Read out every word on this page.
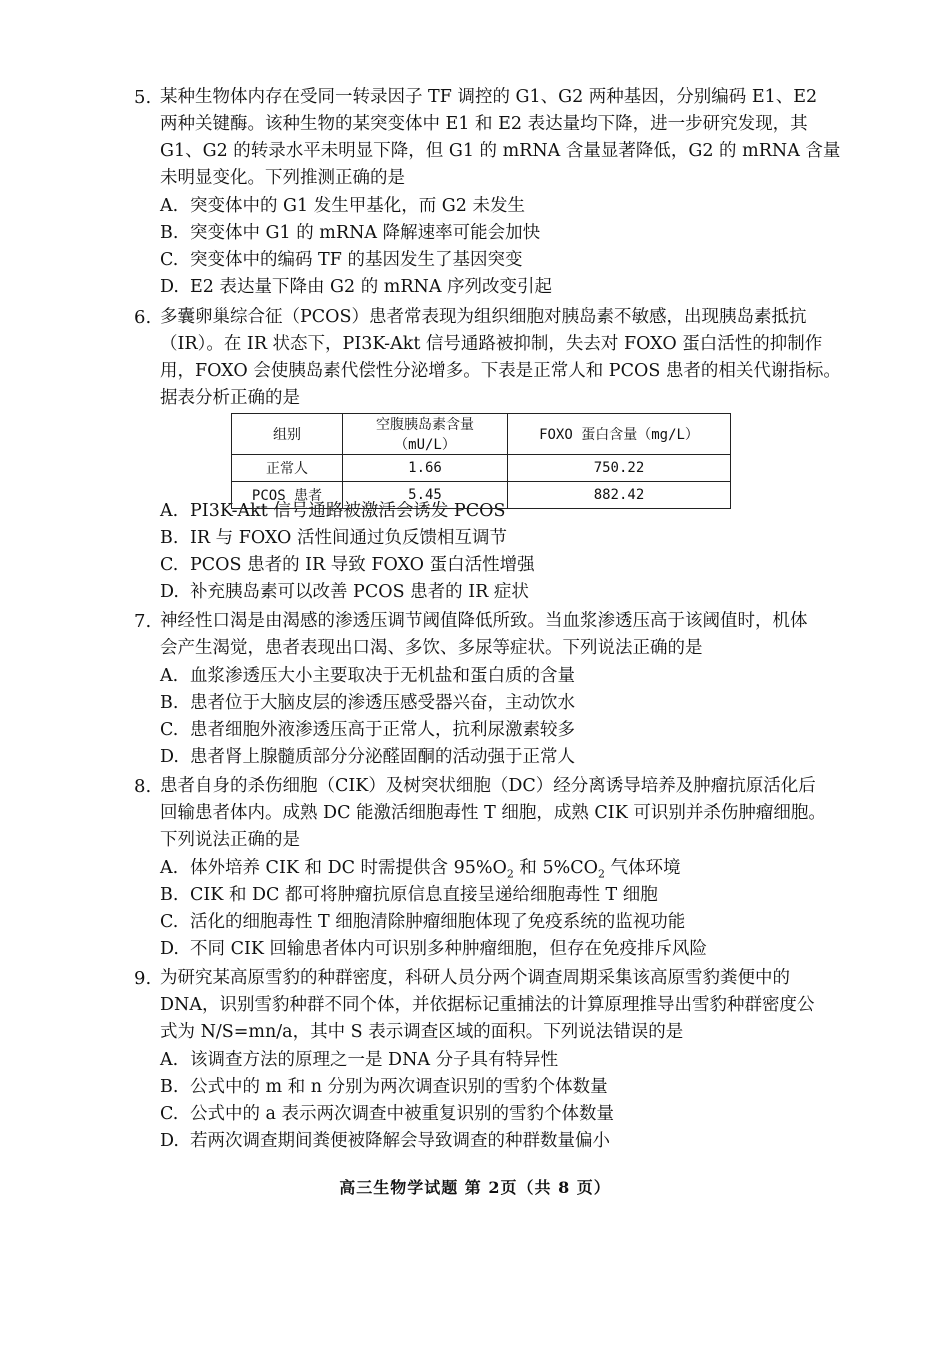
5. 某种生物体内存在受同一转录因子 TF 调控的 G1、G2 两种基因，分别编码 E1、E2
两种关键酶。该种生物的某突变体中 E1 和 E2 表达量均下降，进一步研究发现，其
G1、G2 的转录水平未明显下降，但 G1 的 mRNA 含量显著降低，G2 的 mRNA 含量
未明显变化。下列推测正确的是
A. 突变体中的 G1 发生甲基化，而 G2 未发生
B. 突变体中 G1 的 mRNA 降解速率可能会加快
C. 突变体中的编码 TF 的基因发生了基因突变
D. E2 表达量下降由 G2 的 mRNA 序列改变引起
6. 多囊卵巢综合征（PCOS）患者常表现为组织细胞对胰岛素不敏感，出现胰岛素抵抗
（IR）。在 IR 状态下，PI3K-Akt 信号通路被抑制，失去对 FOXO 蛋白活性的抑制作
用，FOXO 会使胰岛素代偿性分泌增多。下表是正常人和 PCOS 患者的相关代谢指标。
据表分析正确的是
A. PI3K-Akt 信号通路被激活会诱发 PCOS
B. IR 与 FOXO 活性间通过负反馈相互调节
C. PCOS 患者的 IR 导致 FOXO 蛋白活性增强
D. 补充胰岛素可以改善 PCOS 患者的 IR 症状
组别	空腹胰岛素含量（mU/L）	FOXO 蛋白含量（mg/L）
正常人	1.66	750.22
PCOS 患者	5.45	882.42
7. 神经性口渴是由渴感的渗透压调节阈值降低所致。当血浆渗透压高于该阈值时，机体
会产生渴觉，患者表现出口渴、多饮、多尿等症状。下列说法正确的是
A. 血浆渗透压大小主要取决于无机盐和蛋白质的含量
B. 患者位于大脑皮层的渗透压感受器兴奋，主动饮水
C. 患者细胞外液渗透压高于正常人，抗利尿激素较多
D. 患者肾上腺髓质部分分泌醛固酮的活动强于正常人
8. 患者自身的杀伤细胞（CIK）及树突状细胞（DC）经分离诱导培养及肿瘤抗原活化后
回输患者体内。成熟 DC 能激活细胞毒性 T 细胞，成熟 CIK 可识别并杀伤肿瘤细胞。
下列说法正确的是
A. 体外培养 CIK 和 DC 时需提供含 $95\%O_2$ 和 $5\%CO_2$ 气体环境
B. CIK 和 DC 都可将肿瘤抗原信息直接呈递给细胞毒性 T 细胞
C. 活化的细胞毒性 T 细胞清除肿瘤细胞体现了免疫系统的监视功能
D. 不同 CIK 回输患者体内可识别多种肿瘤细胞，但存在免疫排斥风险
9. 为研究某高原雪豹的种群密度，科研人员分两个调查周期采集该高原雪豹粪便中的
DNA，识别雪豹种群不同个体，并依据标记重捕法的计算原理推导出雪豹种群密度公
式为 N/S=mn/a，其中 S 表示调查区域的面积。下列说法错误的是
A. 该调查方法的原理之一是 DNA 分子具有特异性
B. 公式中的 m 和 n 分别为两次调查识别的雪豹个体数量
C. 公式中的 a 表示两次调查中被重复识别的雪豹个体数量
D. 若两次调查期间粪便被降解会导致调查的种群数量偏小
高三生物学试题 第 2页（共 8 页）
